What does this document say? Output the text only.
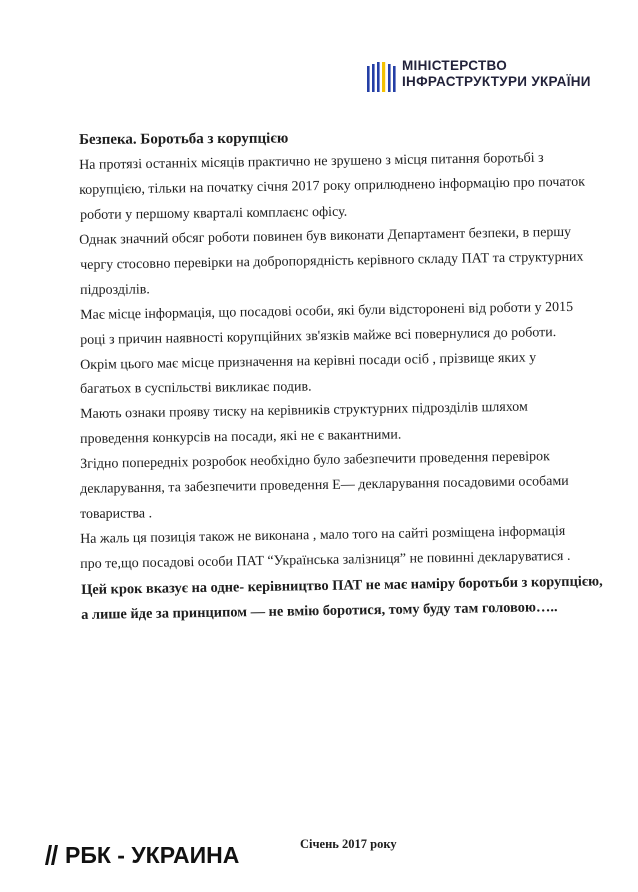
МІНІСТЕРСТВО
ІНФРАСТРУКТУРИ УКРАЇНИ
Безпека. Боротьба з корупцією
На протязі останніх місяців практично не зрушено з місця питання боротьбі з
корупцією, тільки на початку січня 2017 року оприлюднено інформацію про початок
роботи у першому кварталі комплаєнс офісу.
Однак значний обсяг роботи повинен був виконати Департамент безпеки, в першу
чергу стосовно перевірки на добропорядність керівного складу ПАТ та структурних
підрозділів.
Має місце інформація, що посадові особи, які були відсторонені від роботи у 2015
році з причин наявності корупційних зв'язків майже всі повернулися до роботи.
Окрім цього має місце призначення на керівні посади осіб , прізвище яких у
багатьох в суспільстві викликає подив.
Мають ознаки прояву тиску на керівників структурних підрозділів шляхом
проведення конкурсів на посади, які не є вакантними.
Згідно попередніх розробок необхідно було забезпечити проведення перевірок
декларування, та забезпечити проведення Е— декларування посадовими особами
товариства .
На жаль ця позиція також не виконана , мало того на сайті розміщена інформація
про те,що посадові особи ПАТ “Українська залізниця” не повинні декларуватися .
Цей крок вказує на одне- керівництво ПАТ не має наміру боротьби з корупцією,
а лише йде за принципом — не вмію боротися, тому буду там головою…..
РБК - УКРАИНА	Січень 2017 року
